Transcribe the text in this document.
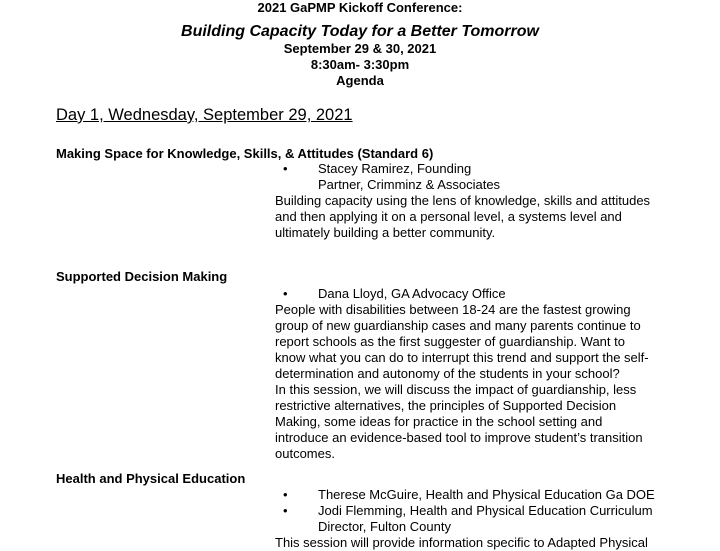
2021 GaPMP Kickoff Conference:
Building Capacity Today for a Better Tomorrow
September 29 & 30, 2021
8:30am- 3:30pm
Agenda
Day 1, Wednesday, September 29, 2021
Making Space for Knowledge, Skills, & Attitudes (Standard 6)
• Stacey Ramirez, Founding
Partner, Crimminz & Associates
Building capacity using the lens of knowledge, skills and attitudes
and then applying it on a personal level, a systems level and
ultimately building a better community.
Supported Decision Making
• Dana Lloyd, GA Advocacy Office
People with disabilities between 18-24 are the fastest growing
group of new guardianship cases and many parents continue to
report schools as the first suggester of guardianship. Want to
know what you can do to interrupt this trend and support the self-
determination and autonomy of the students in your school?
In this session, we will discuss the impact of guardianship, less
restrictive alternatives, the principles of Supported Decision
Making, some ideas for practice in the school setting and
introduce an evidence-based tool to improve student’s transition
outcomes.
Health and Physical Education
• Therese McGuire, Health and Physical Education Ga DOE
• Jodi Flemming, Health and Physical Education Curriculum
Director, Fulton County
This session will provide information specific to Adapted Physical
